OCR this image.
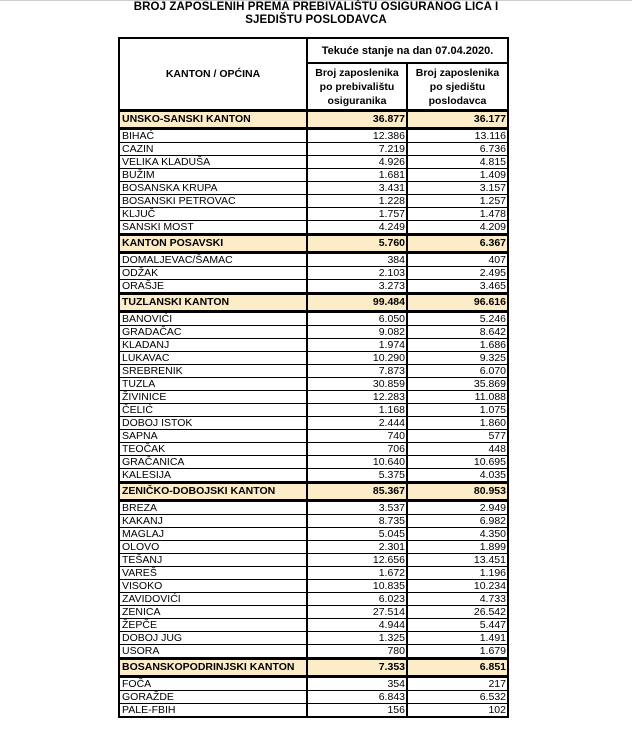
BROJ ZAPOSLENIH PREMA PREBIVALIŠTU OSIGURANOG LICA I
SJEDIŠTU POSLODAVCA
KANTON / OPĆINA	Tekuće stanje na dan 07.04.2020.	

Broj zaposlenika
po prebivalištu
osiguranika

Broj zaposlenika
po sjedištu
poslodavca

UNSKO-SANSKI KANTON	36.877	36.177
BIHAĆ	12.386	13.116
CAZIN	7.219	6.736
VELIKA KLADUŠA	4.926	4.815
BUŽIM	1.681	1.409
BOSANSKA KRUPA	3.431	3.157
BOSANSKI PETROVAC	1.228	1.257
KLJUČ	1.757	1.478
SANSKI MOST	4.249	4.209
KANTON POSAVSKI	5.760	6.367
DOMALJEVAC/ŠAMAC	384	407
ODŽAK	2.103	2.495
ORAŠJE	3.273	3.465
TUZLANSKI KANTON	99.484	96.616
BANOVIĆI	6.050	5.246
GRADAČAC	9.082	8.642
KLADANJ	1.974	1.686
LUKAVAC	10.290	9.325
SREBRENIK	7.873	6.070
TUZLA	30.859	35.869
ŽIVINICE	12.283	11.088
ČELIĆ	1.168	1.075
DOBOJ ISTOK	2.444	1.860
SAPNA	740	577
TEOČAK	706	448
GRAČANICA	10.640	10.695
KALESIJA	5.375	4.035
ZENIČKO-DOBOJSKI KANTON	85.367	80.953
BREZA	3.537	2.949
KAKANJ	8.735	6.982
MAGLAJ	5.045	4.350
OLOVO	2.301	1.899
TEŠANJ	12.656	13.451
VAREŠ	1.672	1.196
VISOKO	10.835	10.234
ZAVIDOVIĆI	6.023	4.733
ZENICA	27.514	26.542
ŽEPČE	4.944	5.447
DOBOJ JUG	1.325	1.491
USORA	780	1.679
BOSANSKOPODRINJSKI KANTON	7.353	6.851
FOČA	354	217
GORAŽDE	6.843	6.532
PALE-FBIH	156	102
